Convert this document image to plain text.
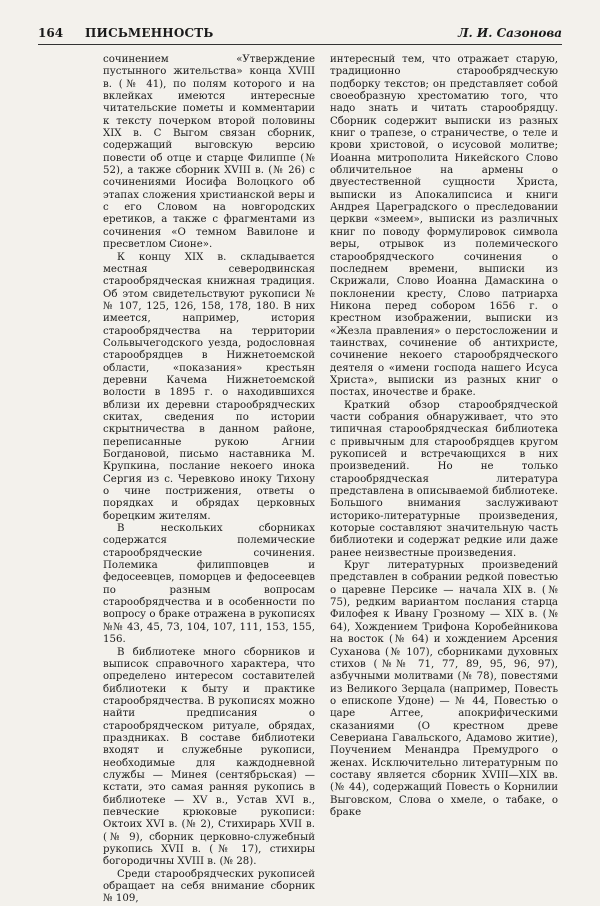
164 ПИСЬМЕННОСТЬ	Л. И. Сазонова

сочинением «Утверждение пустынного жительства» конца XVIII в. (№ 41), по полям которого и на вклейках имеются интересные читательские пометы и комментарии к тексту почерком второй половины XIX в. С Выгом связан сборник, содержащий выговскую версию повести об отце и старце Филиппе (№ 52), а также сборник XVIII в. (№ 26) с сочинениями Иосифа Волоцкого об этапах сложения христианской веры и с его Словом на новгородских еретиков, а также с фрагментами из сочинения «О темном Вавилоне и пресветлом Сионе».

К концу XIX в. складывается местная северодвинская старообрядческая книжная традиция. Об этом свидетельствуют рукописи №№ 107, 125, 126, 158, 178, 180. В них имеется, например, история старообрядчества на территории Сольвычегодского уезда, родословная старообрядцев в Нижнетоемской области, «показания» крестьян деревни Качема Нижнетоемской волости в 1895 г. о находившихся вблизи их деревни старообрядческих скитах, сведения по истории скрытничества в данном районе, переписанные рукою Агнии Богдановой, письмо наставника М. Крупкина, послание некоего инока Сергия из с. Черевково иноку Тихону о чине пострижения, ответы о порядках и обрядах церковных борецким жителям.

В нескольких сборниках содержатся полемические старообрядческие сочинения. Полемика филипповцев и федосеевцев, поморцев и федосеевцев по разным вопросам старообрядчества и в особенности по вопросу о браке отражена в рукописях №№ 43, 45, 73, 104, 107, 111, 153, 155, 156.

В библиотеке много сборников и выписок справочного характера, что определено интересом составителей библиотеки к быту и практике старообрядчества. В рукописях можно найти предписания о старообрядческом ритуале, обрядах, праздниках. В составе библиотеки входят и служебные рукописи, необходимые для каждодневной службы — Минея (сентябрьская) — кстати, это самая ранняя рукопись в библиотеке — XV в., Устав XVI в., певческие крюковые рукописи: Октоих XVI в. (№ 2), Стихирарь XVII в. (№ 9), сборник церковно-служебный рукопись XVII в. (№ 17), стихиры богородичны XVIII в. (№ 28).

Среди старообрядческих рукописей обращает на себя внимание сборник № 109,

интересный тем, что отражает старую, традиционно старообрядческую подборку текстов; он представляет собой своеобразную хрестоматию того, что надо знать и читать старообрядцу. Сборник содержит выписки из разных книг о трапезе, о страничестве, о теле и крови христовой, о исусовой молитве; Иоанна митрополита Никейского Слово обличительное на армены о двуестественной сущности Христа, выписки из Апокалипсиса и книги Андрея Цареградского о преследовании церкви «змеем», выписки из различных книг по поводу формулировок символа веры, отрывок из полемического старообрядческого сочинения о последнем времени, выписки из Скрижали, Слово Иоанна Дамаскина о поклонении кресту, Слово патриарха Никона перед собором 1656 г. о крестном изображении, выписки из «Жезла правления» о перстосложении и таинствах, сочинение об антихристе, сочинение некоего старообрядческого деятеля о «имени господа нашего Исуса Христа», выписки из разных книг о постах, иночестве и браке.

Краткий обзор старообрядческой части собрания обнаруживает, что это типичная старообрядческая библиотека с привычным для старообрядцев кругом рукописей и встречающихся в них произведений. Но не только старообрядческая литература представлена в описываемой библиотеке. Большого внимания заслуживают историко-литературные произведения, которые составляют значительную часть библиотеки и содержат редкие или даже ранее неизвестные произведения.

Круг литературных произведений представлен в собрании редкой повестью о царевне Персике — начала XIX в. (№ 75), редким вариантом послания старца Филофея к Ивану Грозному — XIX в. (№ 64), Хождением Трифона Коробейникова на восток (№ 64) и хождением Арсения Суханова (№ 107), сборниками духовных стихов (№№ 71, 77, 89, 95, 96, 97), азбучными молитвами (№ 78), повестями из Великого Зерцала (например, Повесть о епископе Удоне) — № 44, Повестью о царе Аггее, апокрифическими сказаниями (О крестном древе Севериана Гавальского, Адамово житие), Поучением Менандра Премудрого о женах. Исключительно литературным по составу является сборник XVIII—XIX вв. (№ 44), содержащий Повесть о Корнилии Выговском, Слова о хмеле, о табаке, о браке
